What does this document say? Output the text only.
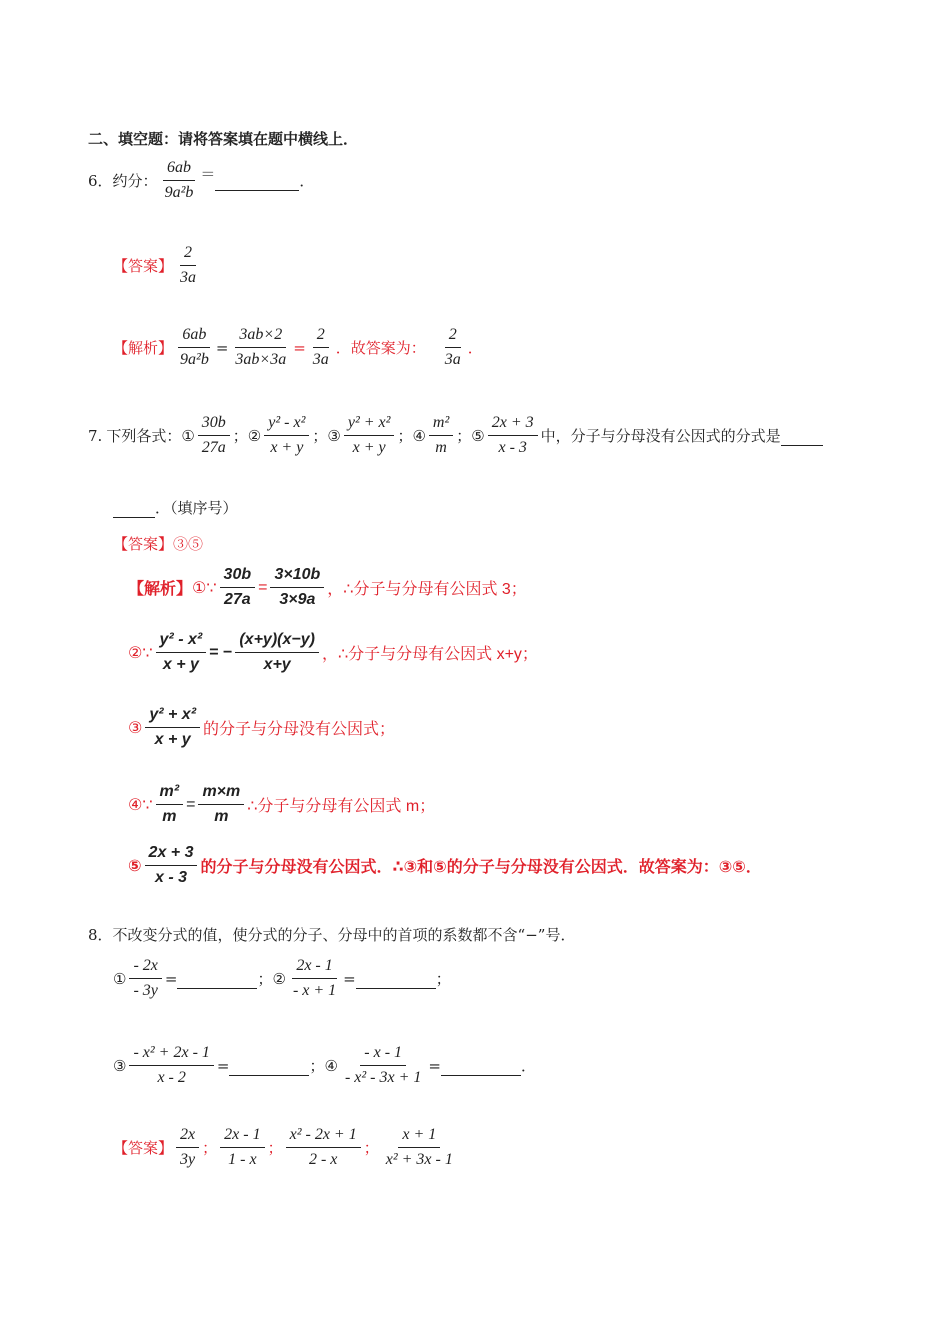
二、填空题：请将答案填在题中横线上．
6． 约分： $\frac{6ab}{\text{9a²b}}$ ＝	．
【答案】 $\frac{2}{3a}$
【解析】 $\frac{6ab}{\text{9a²b}} = \frac{3ab\times 2}{3ab\times 3a} = \frac{2}{3a}$ ．故答案为： $\frac{2}{3a}$ ．
7. 下列各式： ① $\frac{30b}{27a}$ ； ② $\frac{\text{y² - x²}}{x + y}$ ； ③ $\frac{\text{y² + x²}}{x + y}$ ； ④ $\frac{\text{m²}}{m}$ ； ⑤ $\frac{2x + 3}{x - 3}$ 中，分子与分母没有公因式的分式是
．（填序号）
【答案】③⑤
【解析】 ①∵ $\frac{30b}{27a} = \frac{3\times 10b}{3\times 9a}$ ，∴分子与分母有公因式 3；
②∵ $\frac{\text{y² - x²}}{x + y}$ = − $\frac{(x+y)(x-y)}{x+y}$ ，∴分子与分母有公因式 x+y；
③ $\frac{\text{y² + x²}}{x + y}$ 的分子与分母没有公因式；
④∵ $\frac{\text{m²}}{m} = \frac{m\times m}{m}$ ∴分子与分母有公因式 m；
⑤ $\frac{2x + 3}{x - 3}$ 的分子与分母没有公因式．∴③和⑤的分子与分母没有公因式．故答案为：③⑤．
8．不改变分式的值，使分式的分子、分母中的首项的系数都不含“−”号．
① $\frac{- 2x}{- 3y}$ =	； ② $\frac{2x - 1}{- x + 1}$ =	；
③ $\frac{\text{- x² + 2x - 1}}{x - 2}$ =	； ④ $\frac{- x - 1}{\text{- x² - 3x + 1}}$ =	．
【答案】 $\frac{2x}{3y}$ ； $\frac{2x - 1}{1 - x}$ ； $\frac{\text{x² - 2x + 1}}{2 - x}$ ； $\frac{x + 1}{\text{x² + 3x - 1}}$
